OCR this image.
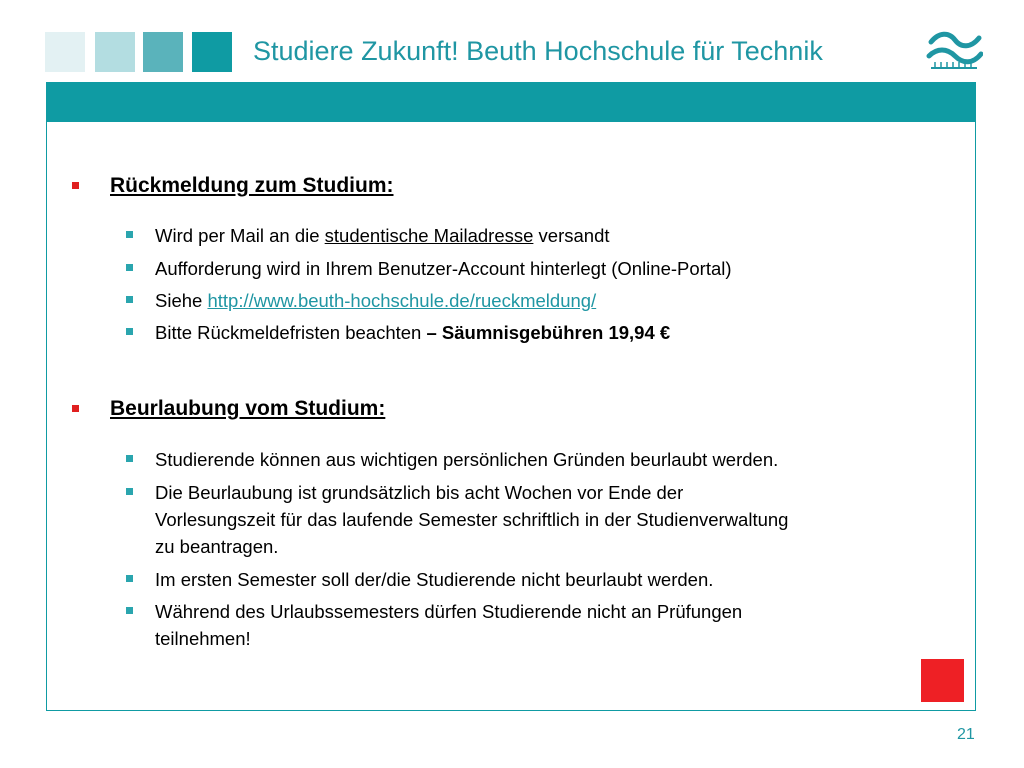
Studiere Zukunft! Beuth Hochschule für Technik
Rückmeldung zum Studium:
Wird per Mail an die studentische Mailadresse versandt
Aufforderung wird in Ihrem Benutzer-Account hinterlegt (Online-Portal)
Siehe http://www.beuth-hochschule.de/rueckmeldung/
Bitte Rückmeldefristen beachten – Säumnisgebühren 19,94 €
Beurlaubung vom Studium:
Studierende können aus wichtigen persönlichen Gründen beurlaubt werden.
Die Beurlaubung ist grundsätzlich bis acht Wochen vor Ende der
Vorlesungszeit für das laufende Semester schriftlich in der Studienverwaltung
zu beantragen.
Im ersten Semester soll der/die Studierende nicht beurlaubt werden.
Während des Urlaubssemesters dürfen Studierende nicht an Prüfungen
teilnehmen!
21
